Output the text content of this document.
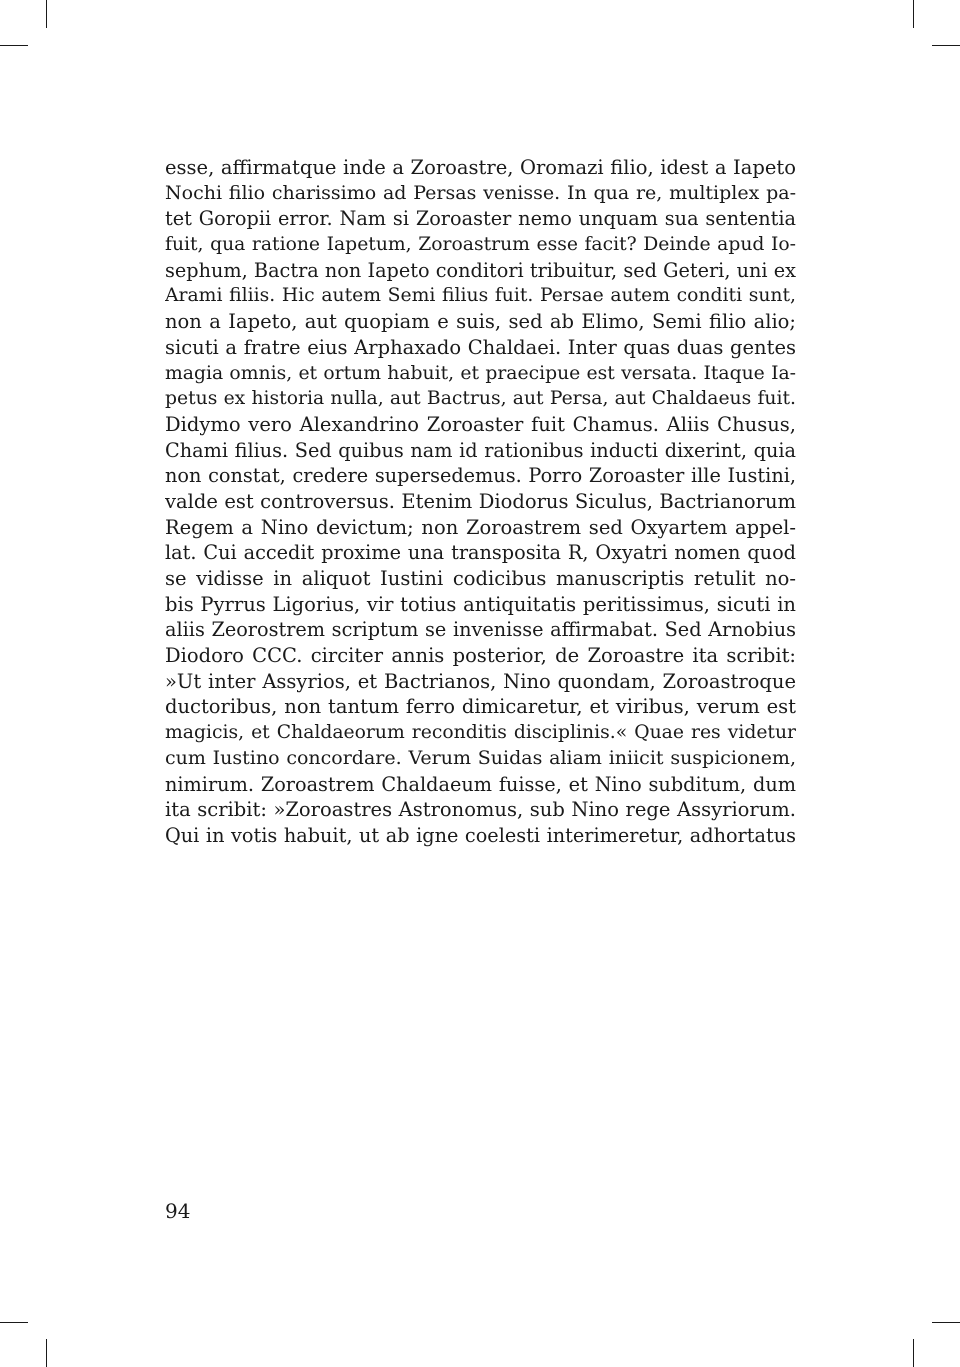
esse, affirmatque inde a Zoroastre, Oromazi filio, idest a Iapeto
Nochi filio charissimo ad Persas venisse. In qua re, multiplex pa-
tet Goropii error. Nam si Zoroaster nemo unquam sua sententia
fuit, qua ratione Iapetum, Zoroastrum esse facit? Deinde apud Io-
sephum, Bactra non Iapeto conditori tribuitur, sed Geteri, uni ex
Arami filiis. Hic autem Semi filius fuit. Persae autem conditi sunt,
non a Iapeto, aut quopiam e suis, sed ab Elimo, Semi filio alio;
sicuti a fratre eius Arphaxado Chaldaei. Inter quas duas gentes
magia omnis, et ortum habuit, et praecipue est versata. Itaque Ia-
petus ex historia nulla, aut Bactrus, aut Persa, aut Chaldaeus fuit.
Didymo vero Alexandrino Zoroaster fuit Chamus. Aliis Chusus,
Chami filius. Sed quibus nam id rationibus inducti dixerint, quia
non constat, credere supersedemus. Porro Zoroaster ille Iustini,
valde est controversus. Etenim Diodorus Siculus, Bactrianorum
Regem a Nino devictum; non Zoroastrem sed Oxyartem appel-
lat. Cui accedit proxime una transposita R, Oxyatri nomen quod
se vidisse in aliquot Iustini codicibus manuscriptis retulit no-
bis Pyrrus Ligorius, vir totius antiquitatis peritissimus, sicuti in
aliis Zeorostrem scriptum se invenisse affirmabat. Sed Arnobius
Diodoro CCC. circiter annis posterior, de Zoroastre ita scribit:
»Ut inter Assyrios, et Bactrianos, Nino quondam, Zoroastroque
ductoribus, non tantum ferro dimicaretur, et viribus, verum est
magicis, et Chaldaeorum reconditis disciplinis.« Quae res videtur
cum Iustino concordare. Verum Suidas aliam iniicit suspicionem,
nimirum. Zoroastrem Chaldaeum fuisse, et Nino subditum, dum
ita scribit: »Zoroastres Astronomus, sub Nino rege Assyriorum.
Qui in votis habuit, ut ab igne coelesti interimeretur, adhortatus

94
